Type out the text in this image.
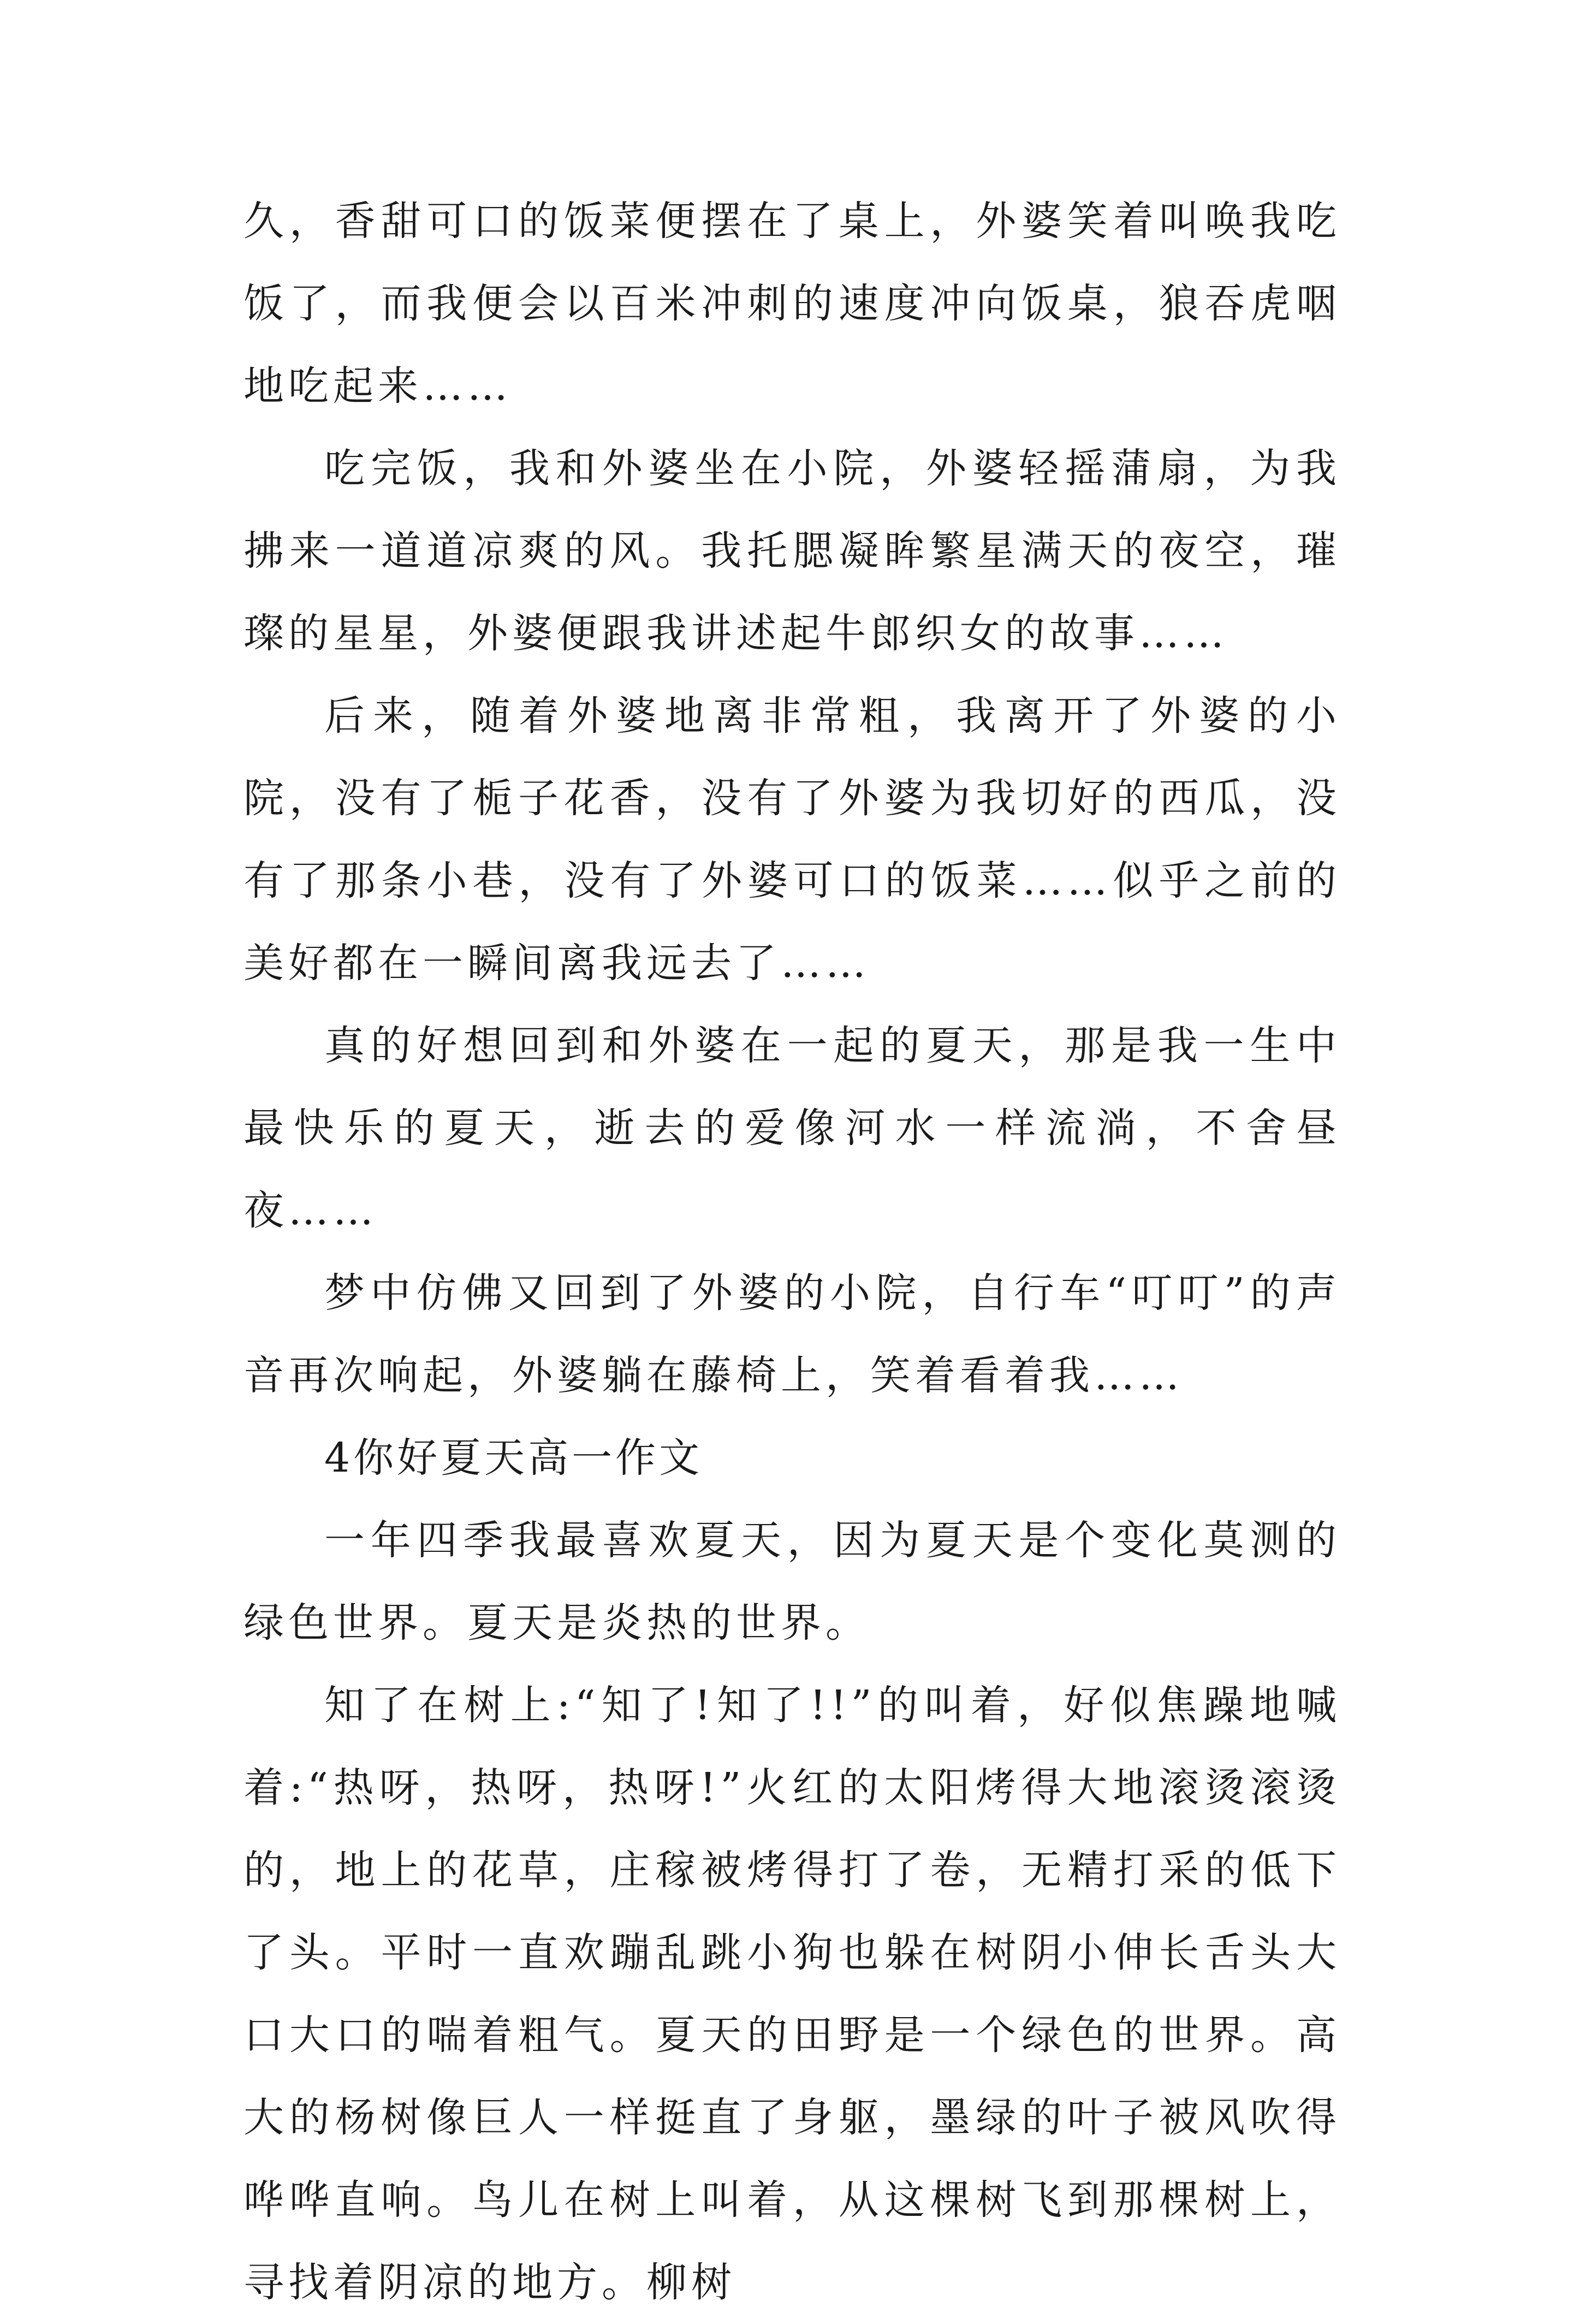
久，香甜可口的饭菜便摆在了桌上，外婆笑着叫唤我吃饭了，而我便会以百米冲刺的速度冲向饭桌，狼吞虎咽地吃起来……

吃完饭，我和外婆坐在小院，外婆轻摇蒲扇，为我拂来一道道凉爽的风。我托腮凝眸繁星满天的夜空，璀璨的星星，外婆便跟我讲述起牛郎织女的故事……

后来，随着外婆地离非常粗，我离开了外婆的小院，没有了栀子花香，没有了外婆为我切好的西瓜，没有了那条小巷，没有了外婆可口的饭菜……似乎之前的美好都在一瞬间离我远去了……

真的好想回到和外婆在一起的夏天，那是我一生中最快乐的夏天，逝去的爱像河水一样流淌，不舍昼夜……

梦中仿佛又回到了外婆的小院，自行车“叮叮”的声音再次响起，外婆躺在藤椅上，笑着看着我……

4你好夏天高一作文

一年四季我最喜欢夏天，因为夏天是个变化莫测的绿色世界。夏天是炎热的世界。

知了在树上:“知了!知了!!”的叫着，好似焦躁地喊着:“热呀，热呀，热呀!”火红的太阳烤得大地滚烫滚烫的，地上的花草，庄稼被烤得打了卷，无精打采的低下了头。平时一直欢蹦乱跳小狗也躲在树阴小伸长舌头大口大口的喘着粗气。夏天的田野是一个绿色的世界。高大的杨树像巨人一样挺直了身躯，墨绿的叶子被风吹得哗哗直响。鸟儿在树上叫着，从这棵树飞到那棵树上，寻找着阴凉的地方。柳树
